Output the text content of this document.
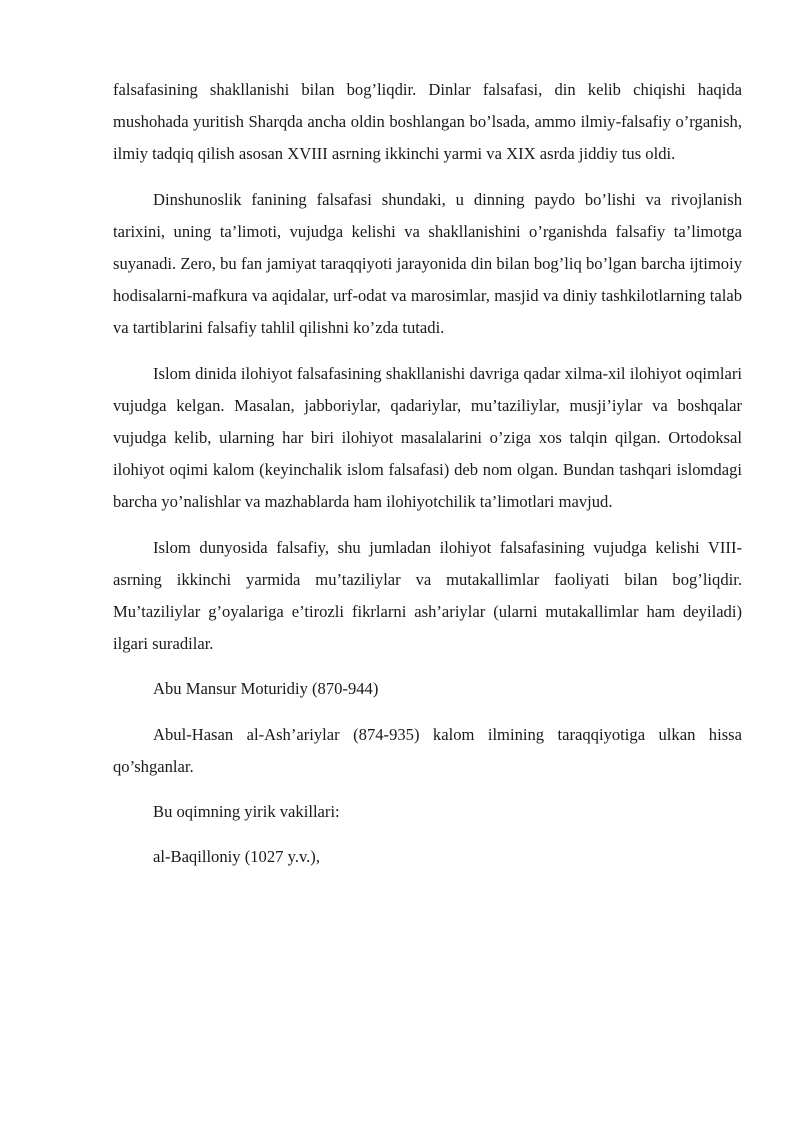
falsafasining shakllanishi bilan bog’liqdir. Dinlar falsafasi, din kelib chiqishi haqida mushohada yuritish Sharqda ancha oldin boshlangan bo’lsada, ammo ilmiy-falsafiy o’rganish, ilmiy tadqiq qilish asosan XVIII asrning ikkinchi yarmi va XIX asrda jiddiy tus oldi.

Dinshunoslik fanining falsafasi shundaki, u dinning paydo bo’lishi va rivojlanish tarixini, uning ta’limoti, vujudga kelishi va shakllanishini o’rganishda falsafiy ta’limotga suyanadi. Zero, bu fan jamiyat taraqqiyoti jarayonida din bilan bog’liq bo’lgan barcha ijtimoiy hodisalarni-mafkura va aqidalar, urf-odat va marosimlar, masjid va diniy tashkilotlarning talab va tartiblarini falsafiy tahlil qilishni ko’zda tutadi.

Islom dinida ilohiyot falsafasining shakllanishi davriga qadar xilma-xil ilohiyot oqimlari vujudga kelgan. Masalan, jabboriylar, qadariylar, mu’taziliylar, musji’iylar va boshqalar vujudga kelib, ularning har biri ilohiyot masalalarini o’ziga xos talqin qilgan. Ortodoksal ilohiyot oqimi kalom (keyinchalik islom falsafasi) deb nom olgan. Bundan tashqari islomdagi barcha yo’nalishlar va mazhablarda ham ilohiyotchilik ta’limotlari mavjud.

Islom dunyosida falsafiy, shu jumladan ilohiyot falsafasining vujudga kelishi VIII-asrning ikkinchi yarmida mu’taziliylar va mutakallimlar faoliyati bilan bog’liqdir. Mu’taziliylar g’oyalariga e’tirozli fikrlarni ash’ariylar (ularni mutakallimlar ham deyiladi) ilgari suradilar.

Abu Mansur Moturidiy (870-944)

Abul-Hasan al-Ash’ariylar (874-935) kalom ilmining taraqqiyotiga ulkan hissa qo’shganlar.

Bu oqimning yirik vakillari:

al-Baqilloniy (1027 y.v.),
